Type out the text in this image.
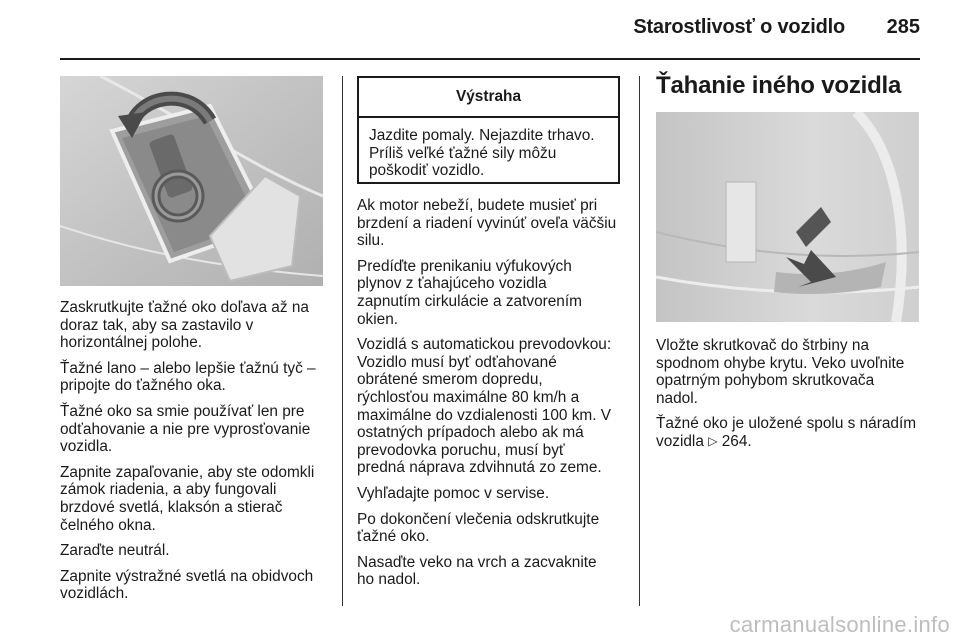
Starostlivosť o vozidlo	285

Zaskrutkujte ťažné oko doľava až na
doraz tak, aby sa zastavilo v
horizontálnej polohe.

Ťažné lano – alebo lepšie ťažnú tyč –
pripojte do ťažného oka.

Ťažné oko sa smie používať len pre
odťahovanie a nie pre vyprosťovanie
vozidla.

Zapnite zapaľovanie, aby ste odomkli
zámok riadenia, a aby fungovali
brzdové svetlá, klaksón a stierač
čelného okna.

Zaraďte neutrál.

Zapnite výstražné svetlá na obidvoch
vozidlách.

Výstraha
Jazdite pomaly. Nejazdite trhavo.
Príliš veľké ťažné sily môžu
poškodiť vozidlo.

Ak motor nebeží, budete musieť pri
brzdení a riadení vyvinúť oveľa väčšiu
silu.

Predíďte prenikaniu výfukových
plynov z ťahajúceho vozidla
zapnutím cirkulácie a zatvorením
okien.

Vozidlá s automatickou prevodovkou:
Vozidlo musí byť odťahované
obrátené smerom dopredu,
rýchlosťou maximálne 80 km/h a
maximálne do vzdialenosti 100 km. V
ostatných prípadoch alebo ak má
prevodovka poruchu, musí byť
predná náprava zdvihnutá zo zeme.

Vyhľadajte pomoc v servise.

Po dokončení vlečenia odskrutkujte
ťažné oko.

Nasaďte veko na vrch a zacvaknite
ho nadol.

Ťahanie iného vozidla

Vložte skrutkovač do štrbiny na
spodnom ohybe krytu. Veko uvoľnite
opatrným pohybom skrutkovača
nadol.

Ťažné oko je uložené spolu s náradím
vozidla ▷ 264.

carmanualsonline.info
